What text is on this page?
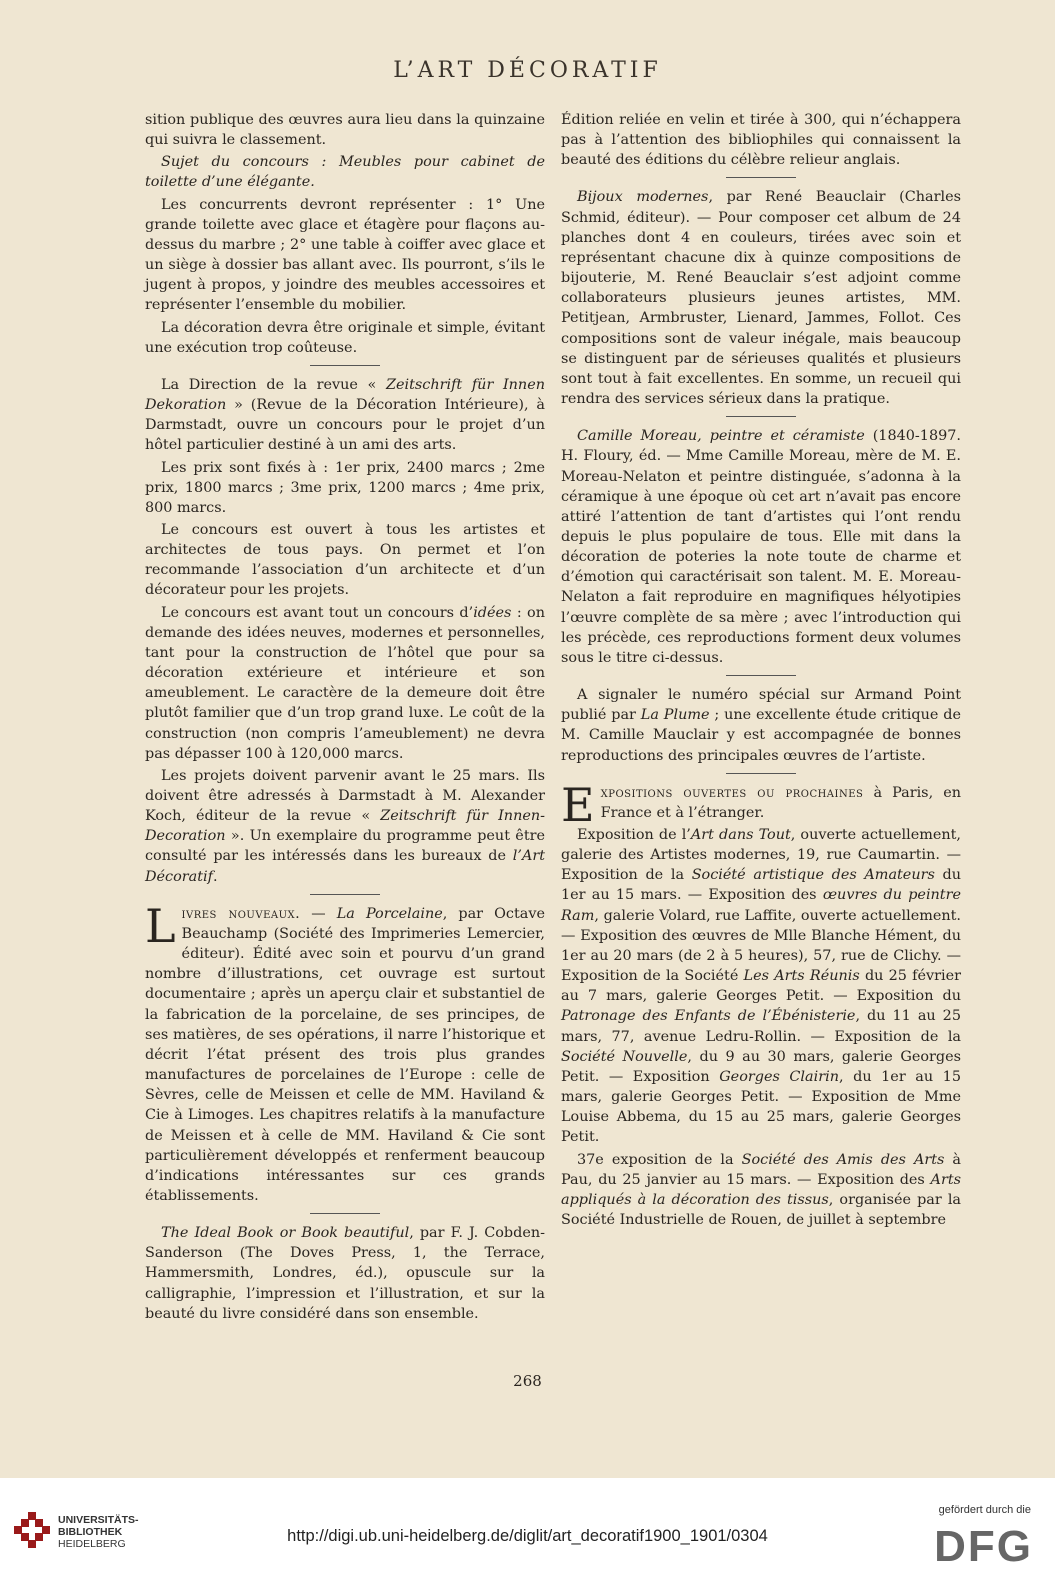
L’ART DÉCORATIF

sition publique des œuvres aura lieu dans la quinzaine qui suivra le classement.

Sujet du concours : Meubles pour cabinet de toilette d’une élégante.

Les concurrents devront représenter : 1° Une grande toilette avec glace et étagère pour flaçons au-dessus du marbre ; 2° une table à coiffer avec glace et un siège à dossier bas allant avec. Ils pourront, s’ils le jugent à propos, y joindre des meubles accessoires et représenter l’ensemble du mobilier.

La décoration devra être originale et simple, évitant une exécution trop coûteuse.

La Direction de la revue « Zeitschrift für Innen Dekoration » (Revue de la Décoration Intérieure), à Darmstadt, ouvre un concours pour le projet d’un hôtel particulier destiné à un ami des arts.

Les prix sont fixés à : 1er prix, 2400 marcs ; 2me prix, 1800 marcs ; 3me prix, 1200 marcs ; 4me prix, 800 marcs.

Le concours est ouvert à tous les artistes et architectes de tous pays. On permet et l’on recommande l’association d’un architecte et d’un décorateur pour les projets.

Le concours est avant tout un concours d’idées : on demande des idées neuves, modernes et personnelles, tant pour la construction de l’hôtel que pour sa décoration extérieure et intérieure et son ameublement. Le caractère de la demeure doit être plutôt familier que d’un trop grand luxe. Le coût de la construction (non compris l’ameublement) ne devra pas dépasser 100 à 120,000 marcs.

Les projets doivent parvenir avant le 25 mars. Ils doivent être adressés à Darmstadt à M. Alexander Koch, éditeur de la revue « Zeitschrift für Innen-Decoration ». Un exemplaire du programme peut être consulté par les intéressés dans les bureaux de l’Art Décoratif.

Livres nouveaux. — La Porcelaine, par Octave Beauchamp (Société des Imprimeries Lemercier, éditeur). Édité avec soin et pourvu d’un grand nombre d’illustrations, cet ouvrage est surtout documentaire ; après un aperçu clair et substantiel de la fabrication de la porcelaine, de ses principes, de ses matières, de ses opérations, il narre l’historique et décrit l’état présent des trois plus grandes manufactures de porcelaines de l’Europe : celle de Sèvres, celle de Meissen et celle de MM. Haviland & Cie à Limoges. Les chapitres relatifs à la manufacture de Meissen et à celle de MM. Haviland & Cie sont particulièrement développés et renferment beaucoup d’indications intéressantes sur ces grands établissements.

The Ideal Book or Book beautiful, par F. J. Cobden-Sanderson (The Doves Press, 1, the Terrace, Hammersmith, Londres, éd.), opuscule sur la calligraphie, l’impression et l’illustration, et sur la beauté du livre considéré dans son ensemble.

Édition reliée en velin et tirée à 300, qui n’échappera pas à l’attention des bibliophiles qui connaissent la beauté des éditions du célèbre relieur anglais.

Bijoux modernes, par René Beauclair (Charles Schmid, éditeur). — Pour composer cet album de 24 planches dont 4 en couleurs, tirées avec soin et représentant chacune dix à quinze compositions de bijouterie, M. René Beauclair s’est adjoint comme collaborateurs plusieurs jeunes artistes, MM. Petitjean, Armbruster, Lienard, Jammes, Follot. Ces compositions sont de valeur inégale, mais beaucoup se distinguent par de sérieuses qualités et plusieurs sont tout à fait excellentes. En somme, un recueil qui rendra des services sérieux dans la pratique.

Camille Moreau, peintre et céramiste (1840-1897. H. Floury, éd. — Mme Camille Moreau, mère de M. E. Moreau-Nelaton et peintre distinguée, s’adonna à la céramique à une époque où cet art n’avait pas encore attiré l’attention de tant d’artistes qui l’ont rendu depuis le plus populaire de tous. Elle mit dans la décoration de poteries la note toute de charme et d’émotion qui caractérisait son talent. M. E. Moreau-Nelaton a fait reproduire en magnifiques hélyotipies l’œuvre complète de sa mère ; avec l’introduction qui les précède, ces reproductions forment deux volumes sous le titre ci-dessus.

A signaler le numéro spécial sur Armand Point publié par La Plume ; une excellente étude critique de M. Camille Mauclair y est accompagnée de bonnes reproductions des principales œuvres de l’artiste.

Expositions ouvertes ou prochaines à Paris, en France et à l’étranger.

Exposition de l’Art dans Tout, ouverte actuellement, galerie des Artistes modernes, 19, rue Caumartin. — Exposition de la Société artistique des Amateurs du 1er au 15 mars. — Exposition des œuvres du peintre Ram, galerie Volard, rue Laffite, ouverte actuellement. — Exposition des œuvres de Mlle Blanche Hément, du 1er au 20 mars (de 2 à 5 heures), 57, rue de Clichy. — Exposition de la Société Les Arts Réunis du 25 février au 7 mars, galerie Georges Petit. — Exposition du Patronage des Enfants de l’Ébénisterie, du 11 au 25 mars, 77, avenue Ledru-Rollin. — Exposition de la Société Nouvelle, du 9 au 30 mars, galerie Georges Petit. — Exposition Georges Clairin, du 1er au 15 mars, galerie Georges Petit. — Exposition de Mme Louise Abbema, du 15 au 25 mars, galerie Georges Petit.

37e exposition de la Société des Amis des Arts à Pau, du 25 janvier au 15 mars. — Exposition des Arts appliqués à la décoration des tissus, organisée par la Société Industrielle de Rouen, de juillet à septembre

268
UNIVERSITÄTS-
BIBLIOTHEK
HEIDELBERG	http://digi.ub.uni-heidelberg.de/diglit/art_decoratif1900_1901/0304
gefördert durch die
DFG
